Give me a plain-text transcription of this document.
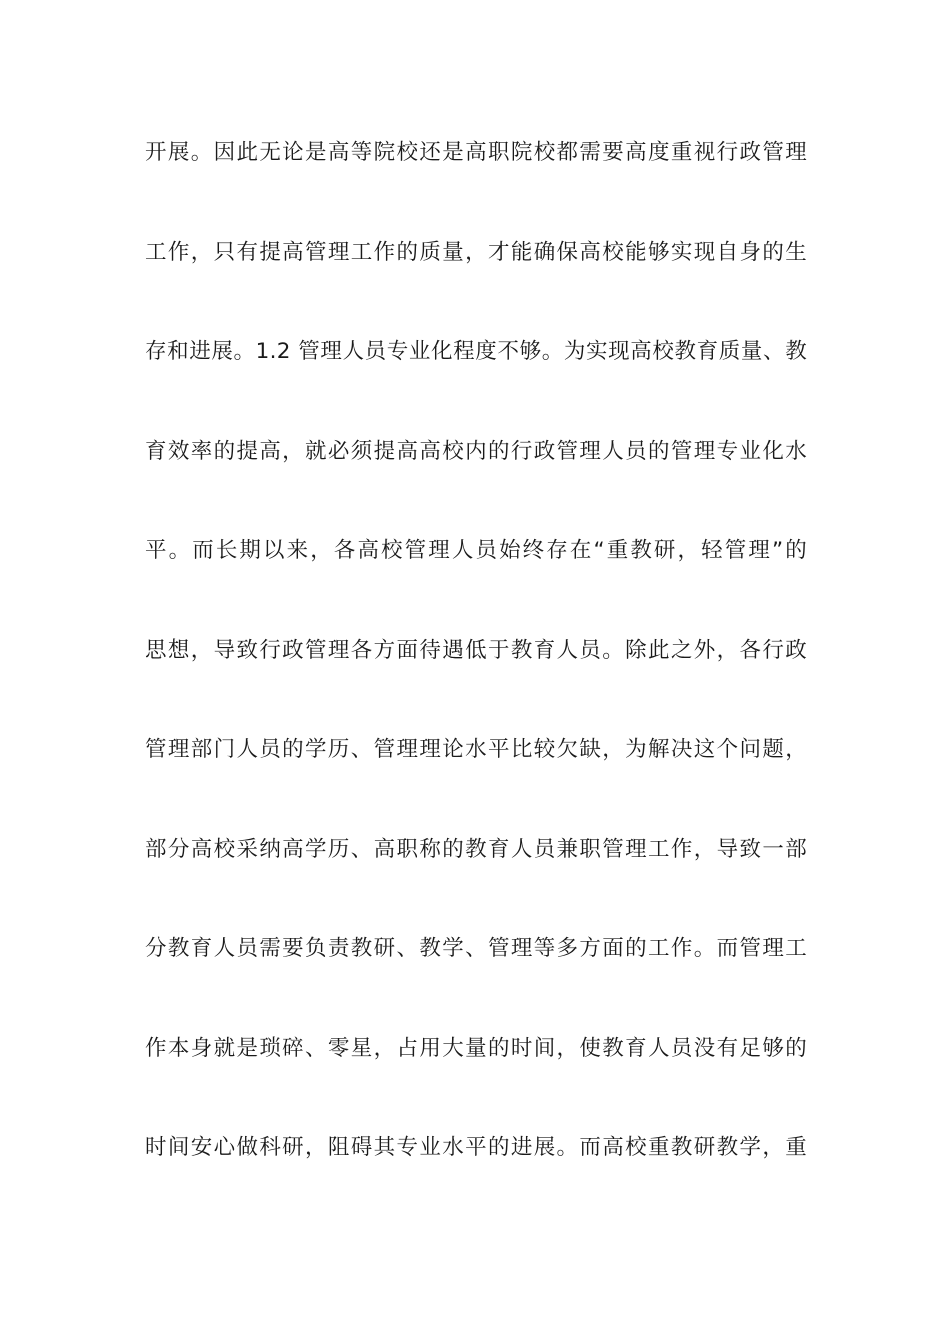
开展。因此无论是高等院校还是高职院校都需要高度重视行政管理
工作，只有提高管理工作的质量，才能确保高校能够实现自身的生
存和进展。1.2 管理人员专业化程度不够。为实现高校教育质量、教
育效率的提高，就必须提高高校内的行政管理人员的管理专业化水
平。而长期以来，各高校管理人员始终存在“重教研，轻管理”的
思想，导致行政管理各方面待遇低于教育人员。除此之外，各行政
管理部门人员的学历、管理理论水平比较欠缺，为解决这个问题，
部分高校采纳高学历、高职称的教育人员兼职管理工作，导致一部
分教育人员需要负责教研、教学、管理等多方面的工作。而管理工
作本身就是琐碎、零星，占用大量的时间，使教育人员没有足够的
时间安心做科研，阻碍其专业水平的进展。而高校重教研教学，重
